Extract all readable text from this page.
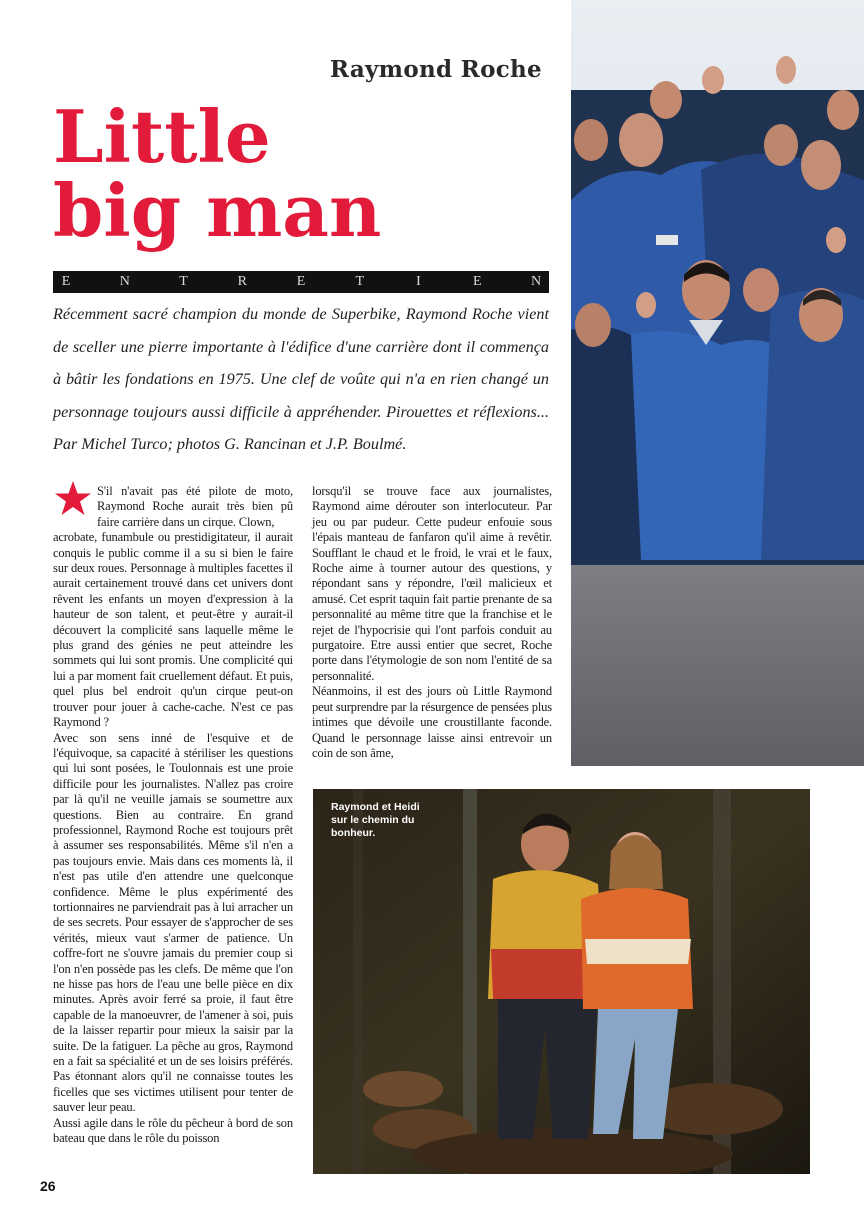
Raymond Roche
Little
big man
E	N	T	R	E	T	I	E	N

Récemment sacré champion du monde de Superbike, Raymond Roche vient de sceller une pierre importante à l'édifice d'une carrière dont il commença à bâtir les fondations en 1975. Une clef de voûte qui n'a en rien changé un personnage toujours aussi difficile à appréhender. Pirouettes et réflexions... Par Michel Turco; photos G. Rancinan et J.P. Boulmé.

S'il n'avait pas été pilote de moto, Raymond Roche aurait très bien pû faire carrière dans un cirque. Clown,

acrobate, funambule ou prestidigitateur, il aurait conquis le public comme il a su si bien le faire sur deux roues. Personnage à multiples facettes il aurait certainement trouvé dans cet univers dont rêvent les enfants un moyen d'expression à la hauteur de son talent, et peut-être y aurait-il découvert la complicité sans laquelle même le plus grand des génies ne peut atteindre les sommets qui lui sont promis. Une complicité qui lui a par moment fait cruellement défaut. Et puis, quel plus bel endroit qu'un cirque peut-on trouver pour jouer à cache-cache. N'est ce pas Raymond ?

Avec son sens inné de l'esquive et de l'équivoque, sa capacité à stériliser les questions qui lui sont posées, le Toulonnais est une proie difficile pour les journalistes. N'allez pas croire par là qu'il ne veuille jamais se soumettre aux questions. Bien au contraire. En grand professionnel, Raymond Roche est toujours prêt à assumer ses responsabilités. Même s'il n'en a pas toujours envie. Mais dans ces moments là, il n'est pas utile d'en attendre une quelconque confidence. Même le plus expérimenté des tortionnaires ne parviendrait pas à lui arracher un de ses secrets. Pour essayer de s'approcher de ses vérités, mieux vaut s'armer de patience. Un coffre-fort ne s'ouvre jamais du premier coup si l'on n'en possède pas les clefs. De même que l'on ne hisse pas hors de l'eau une belle pièce en dix minutes. Après avoir ferré sa proie, il faut être capable de la manoeuvrer, de l'amener à soi, puis de la laisser repartir pour mieux la saisir par la suite. De la fatiguer. La pêche au gros, Raymond en a fait sa spécialité et un de ses loisirs préférés. Pas étonnant alors qu'il ne connaisse toutes les ficelles que ses victimes utilisent pour tenter de sauver leur peau.

Aussi agile dans le rôle du pêcheur à bord de son bateau que dans le rôle du poisson

lorsqu'il se trouve face aux journalistes, Raymond aime dérouter son interlocuteur. Par jeu ou par pudeur. Cette pudeur enfouie sous l'épais manteau de fanfaron qu'il aime à revêtir. Soufflant le chaud et le froid, le vrai et le faux, Roche aime à tourner autour des questions, y répondant sans y répondre, l'œil malicieux et amusé. Cet esprit taquin fait partie prenante de sa personnalité au même titre que la franchise et le rejet de l'hypocrisie qui l'ont parfois conduit au purgatoire. Etre aussi entier que secret, Roche porte dans l'étymologie de son nom l'entité de sa personnalité.

Néanmoins, il est des jours où Little Raymond peut surprendre par la résurgence de pensées plus intimes que dévoile une croustillante faconde. Quand le personnage laisse ainsi entrevoir un coin de son âme,

Raymond et Heidi sur le chemin du bonheur.
26
